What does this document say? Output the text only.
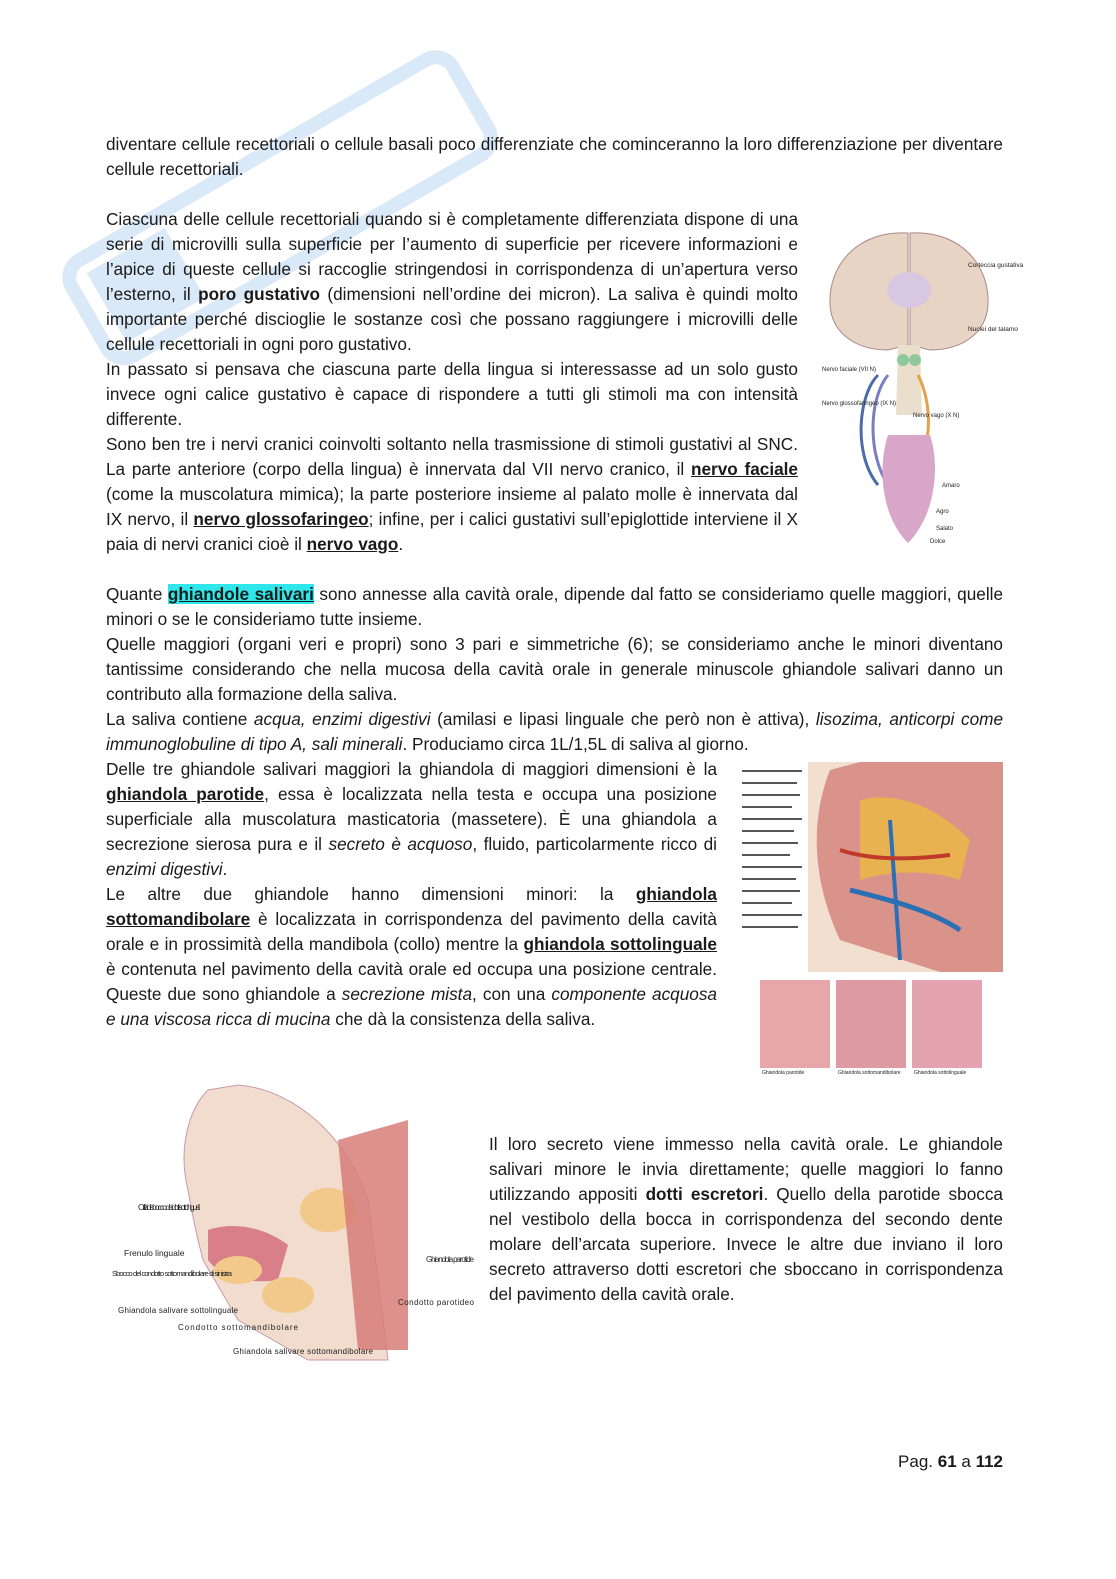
diventare cellule recettoriali o cellule basali poco differenziate che cominceranno la loro differenziazione per diventare cellule recettoriali.

Ciascuna delle cellule recettoriali quando si è completamente differenziata dispone di una serie di microvilli sulla superficie per l’aumento di superficie per ricevere informazioni e l’apice di queste cellule si raccoglie stringendosi in corrispondenza di un’apertura verso l’esterno, il poro gustativo (dimensioni nell’ordine dei micron). La saliva è quindi molto importante perché discioglie le sostanze così che possano raggiungere i microvilli delle cellule recettoriali in ogni poro gustativo.

In passato si pensava che ciascuna parte della lingua si interessasse ad un solo gusto invece ogni calice gustativo è capace di rispondere a tutti gli stimoli ma con intensità differente.

Sono ben tre i nervi cranici coinvolti soltanto nella trasmissione di stimoli gustativi al SNC. La parte anteriore (corpo della lingua) è innervata dal VII nervo cranico, il nervo faciale (come la muscolatura mimica); la parte posteriore insieme al palato molle è innervata dal IX nervo, il nervo glossofaringeo; infine, per i calici gustativi sull’epiglottide interviene il X paia di nervi cranici cioè il nervo vago.

Corteccia gustativa
Nuclei del talamo
Nervo faciale (VII N)
Nervo glossofaringeo (IX N)
Nervo vago (X N)
Amaro
Agro
Salato
Dolce

Quante ghiandole salivari sono annesse alla cavità orale, dipende dal fatto se consideriamo quelle maggiori, quelle minori o se le consideriamo tutte insieme.

Quelle maggiori (organi veri e propri) sono 3 pari e simmetriche (6); se consideriamo anche le minori diventano tantissime considerando che nella mucosa della cavità orale in generale minuscole ghiandole salivari danno un contributo alla formazione della saliva.

La saliva contiene acqua, enzimi digestivi (amilasi e lipasi linguale che però non è attiva), lisozima, anticorpi come immunoglobuline di tipo A, sali minerali. Produciamo circa 1L/1,5L di saliva al giorno.

Delle tre ghiandole salivari maggiori la ghiandola di maggiori dimensioni è la ghiandola parotide, essa è localizzata nella testa e occupa una posizione superficiale alla muscolatura masticatoria (massetere). È una ghiandola a secrezione sierosa pura e il secreto è acquoso, fluido, particolarmente ricco di enzimi digestivi.

Le altre due ghiandole hanno dimensioni minori: la ghiandola sottomandibolare è localizzata in corrispondenza del pavimento della cavità orale e in prossimità della mandibola (collo) mentre la ghiandola sottolinguale è contenuta nel pavimento della cavità orale ed occupa una posizione centrale. Queste due sono ghiandole a secrezione mista, con una componente acquosa e una viscosa ricca di mucina che dà la consistenza della saliva.

Ghiandola parotide	Ghiandola sottomandibolare	Ghiandola sottolinguale
Orifizi di sbocco dei dotti sottolinguali
Frenulo linguale
Sbocco del condotto sottomandibolare di sinistra
Ghiandola salivare sottolinguale
Condotto sottomandibolare
Ghiandola salivare sottomandibolare
Ghiandola parotide
Condotto parotideo

Il loro secreto viene immesso nella cavità orale. Le ghiandole salivari minore le invia direttamente; quelle maggiori lo fanno utilizzando appositi dotti escretori. Quello della parotide sbocca nel vestibolo della bocca in corrispondenza del secondo dente molare dell’arcata superiore. Invece le altre due inviano il loro secreto attraverso dotti escretori che sboccano in corrispondenza del pavimento della cavità orale.

Pag. 61 a 112
